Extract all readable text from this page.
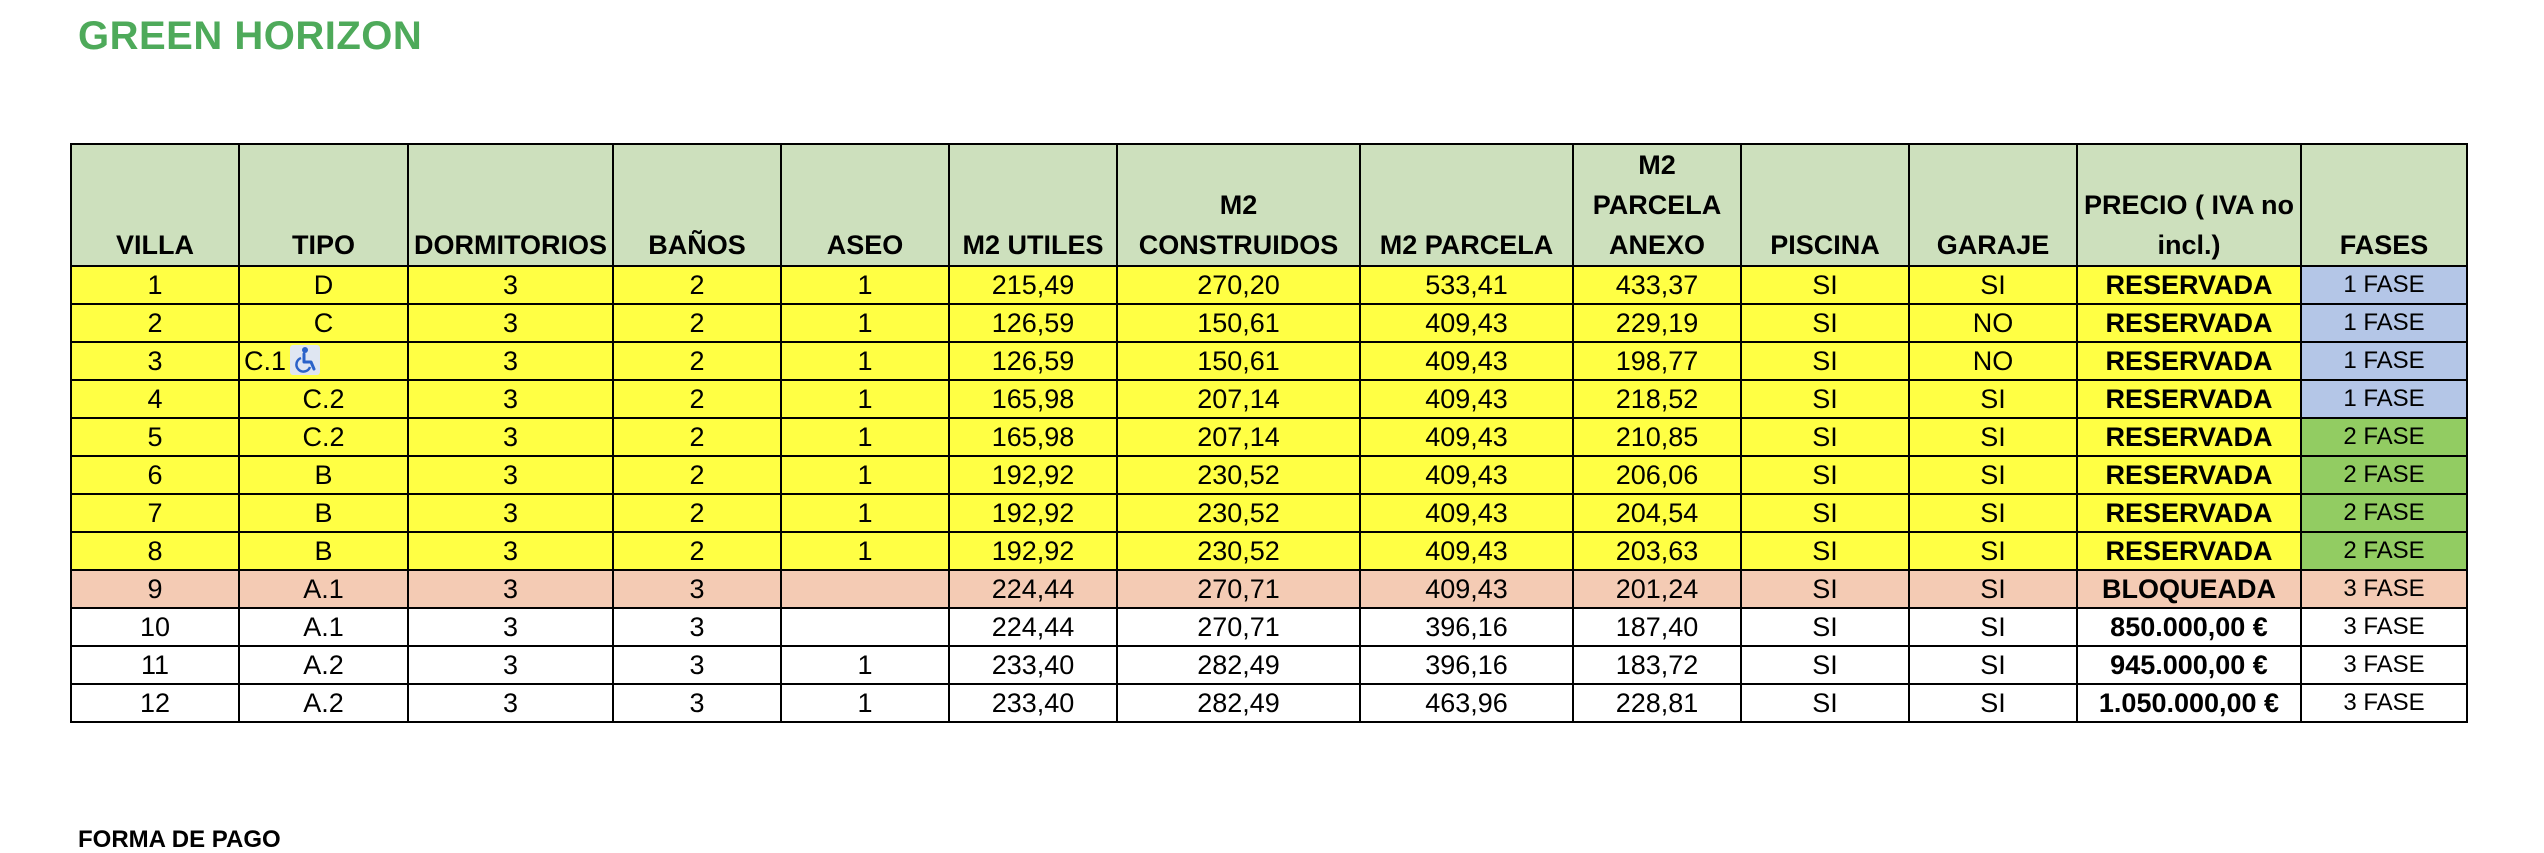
GREEN HORIZON
VILLA	TIPO	DORMITORIOS	BAÑOS	ASEO	M2 UTILES	M2 CONSTRUIDOS	M2 PARCELA	M2 PARCELA ANEXO	PISCINA	GARAJE	PRECIO ( IVA no incl.)	FASES
1	D	3	2	1	215,49	270,20	533,41	433,37	SI	SI	RESERVADA	1 FASE
2	C	3	2	1	126,59	150,61	409,43	229,19	SI	NO	RESERVADA	1 FASE
3	C.1	3	2	1	126,59	150,61	409,43	198,77	SI	NO	RESERVADA	1 FASE
4	C.2	3	2	1	165,98	207,14	409,43	218,52	SI	SI	RESERVADA	1 FASE
5	C.2	3	2	1	165,98	207,14	409,43	210,85	SI	SI	RESERVADA	2 FASE
6	B	3	2	1	192,92	230,52	409,43	206,06	SI	SI	RESERVADA	2 FASE
7	B	3	2	1	192,92	230,52	409,43	204,54	SI	SI	RESERVADA	2 FASE
8	B	3	2	1	192,92	230,52	409,43	203,63	SI	SI	RESERVADA	2 FASE
9	A.1	3	3		224,44	270,71	409,43	201,24	SI	SI	BLOQUEADA	3 FASE
10	A.1	3	3		224,44	270,71	396,16	187,40	SI	SI	850.000,00 €	3 FASE
11	A.2	3	3	1	233,40	282,49	396,16	183,72	SI	SI	945.000,00 €	3 FASE
12	A.2	3	3	1	233,40	282,49	463,96	228,81	SI	SI	1.050.000,00 €	3 FASE
FORMA DE PAGO
